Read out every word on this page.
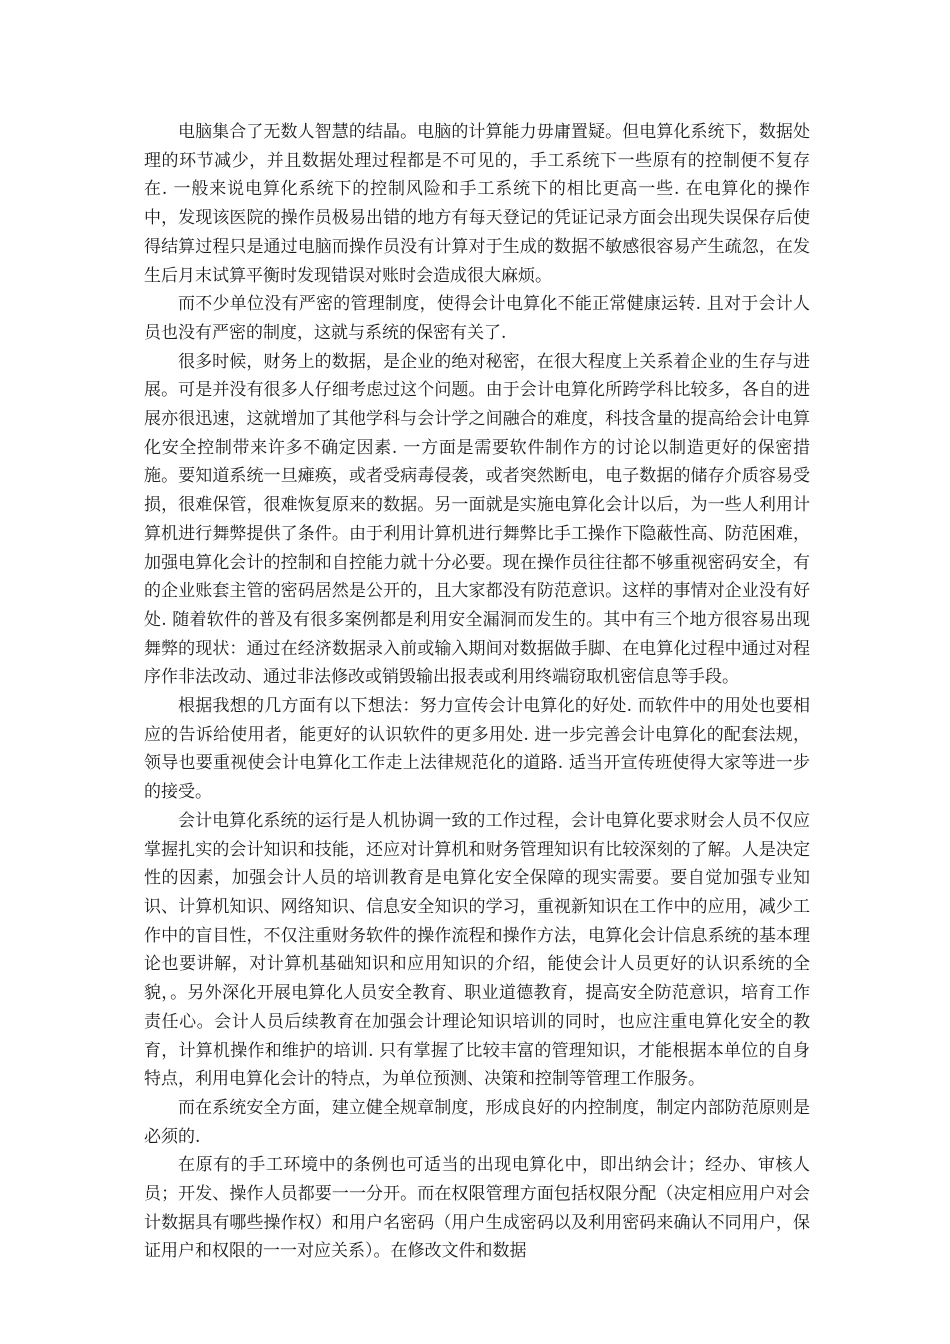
电脑集合了无数人智慧的结晶。电脑的计算能力毋庸置疑。但电算化系统下，数据处理的环节减少，并且数据处理过程都是不可见的，手工系统下一些原有的控制便不复存在. 一般来说电算化系统下的控制风险和手工系统下的相比更高一些. 在电算化的操作中，发现该医院的操作员极易出错的地方有每天登记的凭证记录方面会出现失误保存后使得结算过程只是通过电脑而操作员没有计算对于生成的数据不敏感很容易产生疏忽，在发生后月末试算平衡时发现错误对账时会造成很大麻烦。

而不少单位没有严密的管理制度，使得会计电算化不能正常健康运转. 且对于会计人员也没有严密的制度，这就与系统的保密有关了.

很多时候，财务上的数据，是企业的绝对秘密，在很大程度上关系着企业的生存与进展。可是并没有很多人仔细考虑过这个问题。由于会计电算化所跨学科比较多，各自的进展亦很迅速，这就增加了其他学科与会计学之间融合的难度，科技含量的提高给会计电算化安全控制带来许多不确定因素. 一方面是需要软件制作方的讨论以制造更好的保密措施。要知道系统一旦瘫痪，或者受病毒侵袭，或者突然断电，电子数据的储存介质容易受损，很难保管，很难恢复原来的数据。另一面就是实施电算化会计以后，为一些人利用计算机进行舞弊提供了条件。由于利用计算机进行舞弊比手工操作下隐蔽性高、防范困难，加强电算化会计的控制和自控能力就十分必要。现在操作员往往都不够重视密码安全，有的企业账套主管的密码居然是公开的，且大家都没有防范意识。这样的事情对企业没有好处. 随着软件的普及有很多案例都是利用安全漏洞而发生的。其中有三个地方很容易出现舞弊的现状：通过在经济数据录入前或输入期间对数据做手脚、在电算化过程中通过对程序作非法改动、通过非法修改或销毁输出报表或利用终端窃取机密信息等手段。

根据我想的几方面有以下想法：努力宣传会计电算化的好处. 而软件中的用处也要相应的告诉给使用者，能更好的认识软件的更多用处. 进一步完善会计电算化的配套法规，领导也要重视使会计电算化工作走上法律规范化的道路. 适当开宣传班使得大家等进一步的接受。

会计电算化系统的运行是人机协调一致的工作过程，会计电算化要求财会人员不仅应掌握扎实的会计知识和技能，还应对计算机和财务管理知识有比较深刻的了解。人是决定性的因素，加强会计人员的培训教育是电算化安全保障的现实需要。要自觉加强专业知识、计算机知识、网络知识、信息安全知识的学习，重视新知识在工作中的应用，减少工作中的盲目性，不仅注重财务软件的操作流程和操作方法，电算化会计信息系统的基本理论也要讲解，对计算机基础知识和应用知识的介绍，能使会计人员更好的认识系统的全貌，。另外深化开展电算化人员安全教育、职业道德教育，提高安全防范意识，培育工作责任心。会计人员后续教育在加强会计理论知识培训的同时，也应注重电算化安全的教育，计算机操作和维护的培训. 只有掌握了比较丰富的管理知识，才能根据本单位的自身特点，利用电算化会计的特点，为单位预测、决策和控制等管理工作服务。

而在系统安全方面，建立健全规章制度，形成良好的内控制度，制定内部防范原则是必须的.

在原有的手工环境中的条例也可适当的出现电算化中，即出纳会计；经办、审核人员；开发、操作人员都要一一分开。而在权限管理方面包括权限分配（决定相应用户对会计数据具有哪些操作权）和用户名密码（用户生成密码以及利用密码来确认不同用户，保证用户和权限的一一对应关系）。在修改文件和数据
